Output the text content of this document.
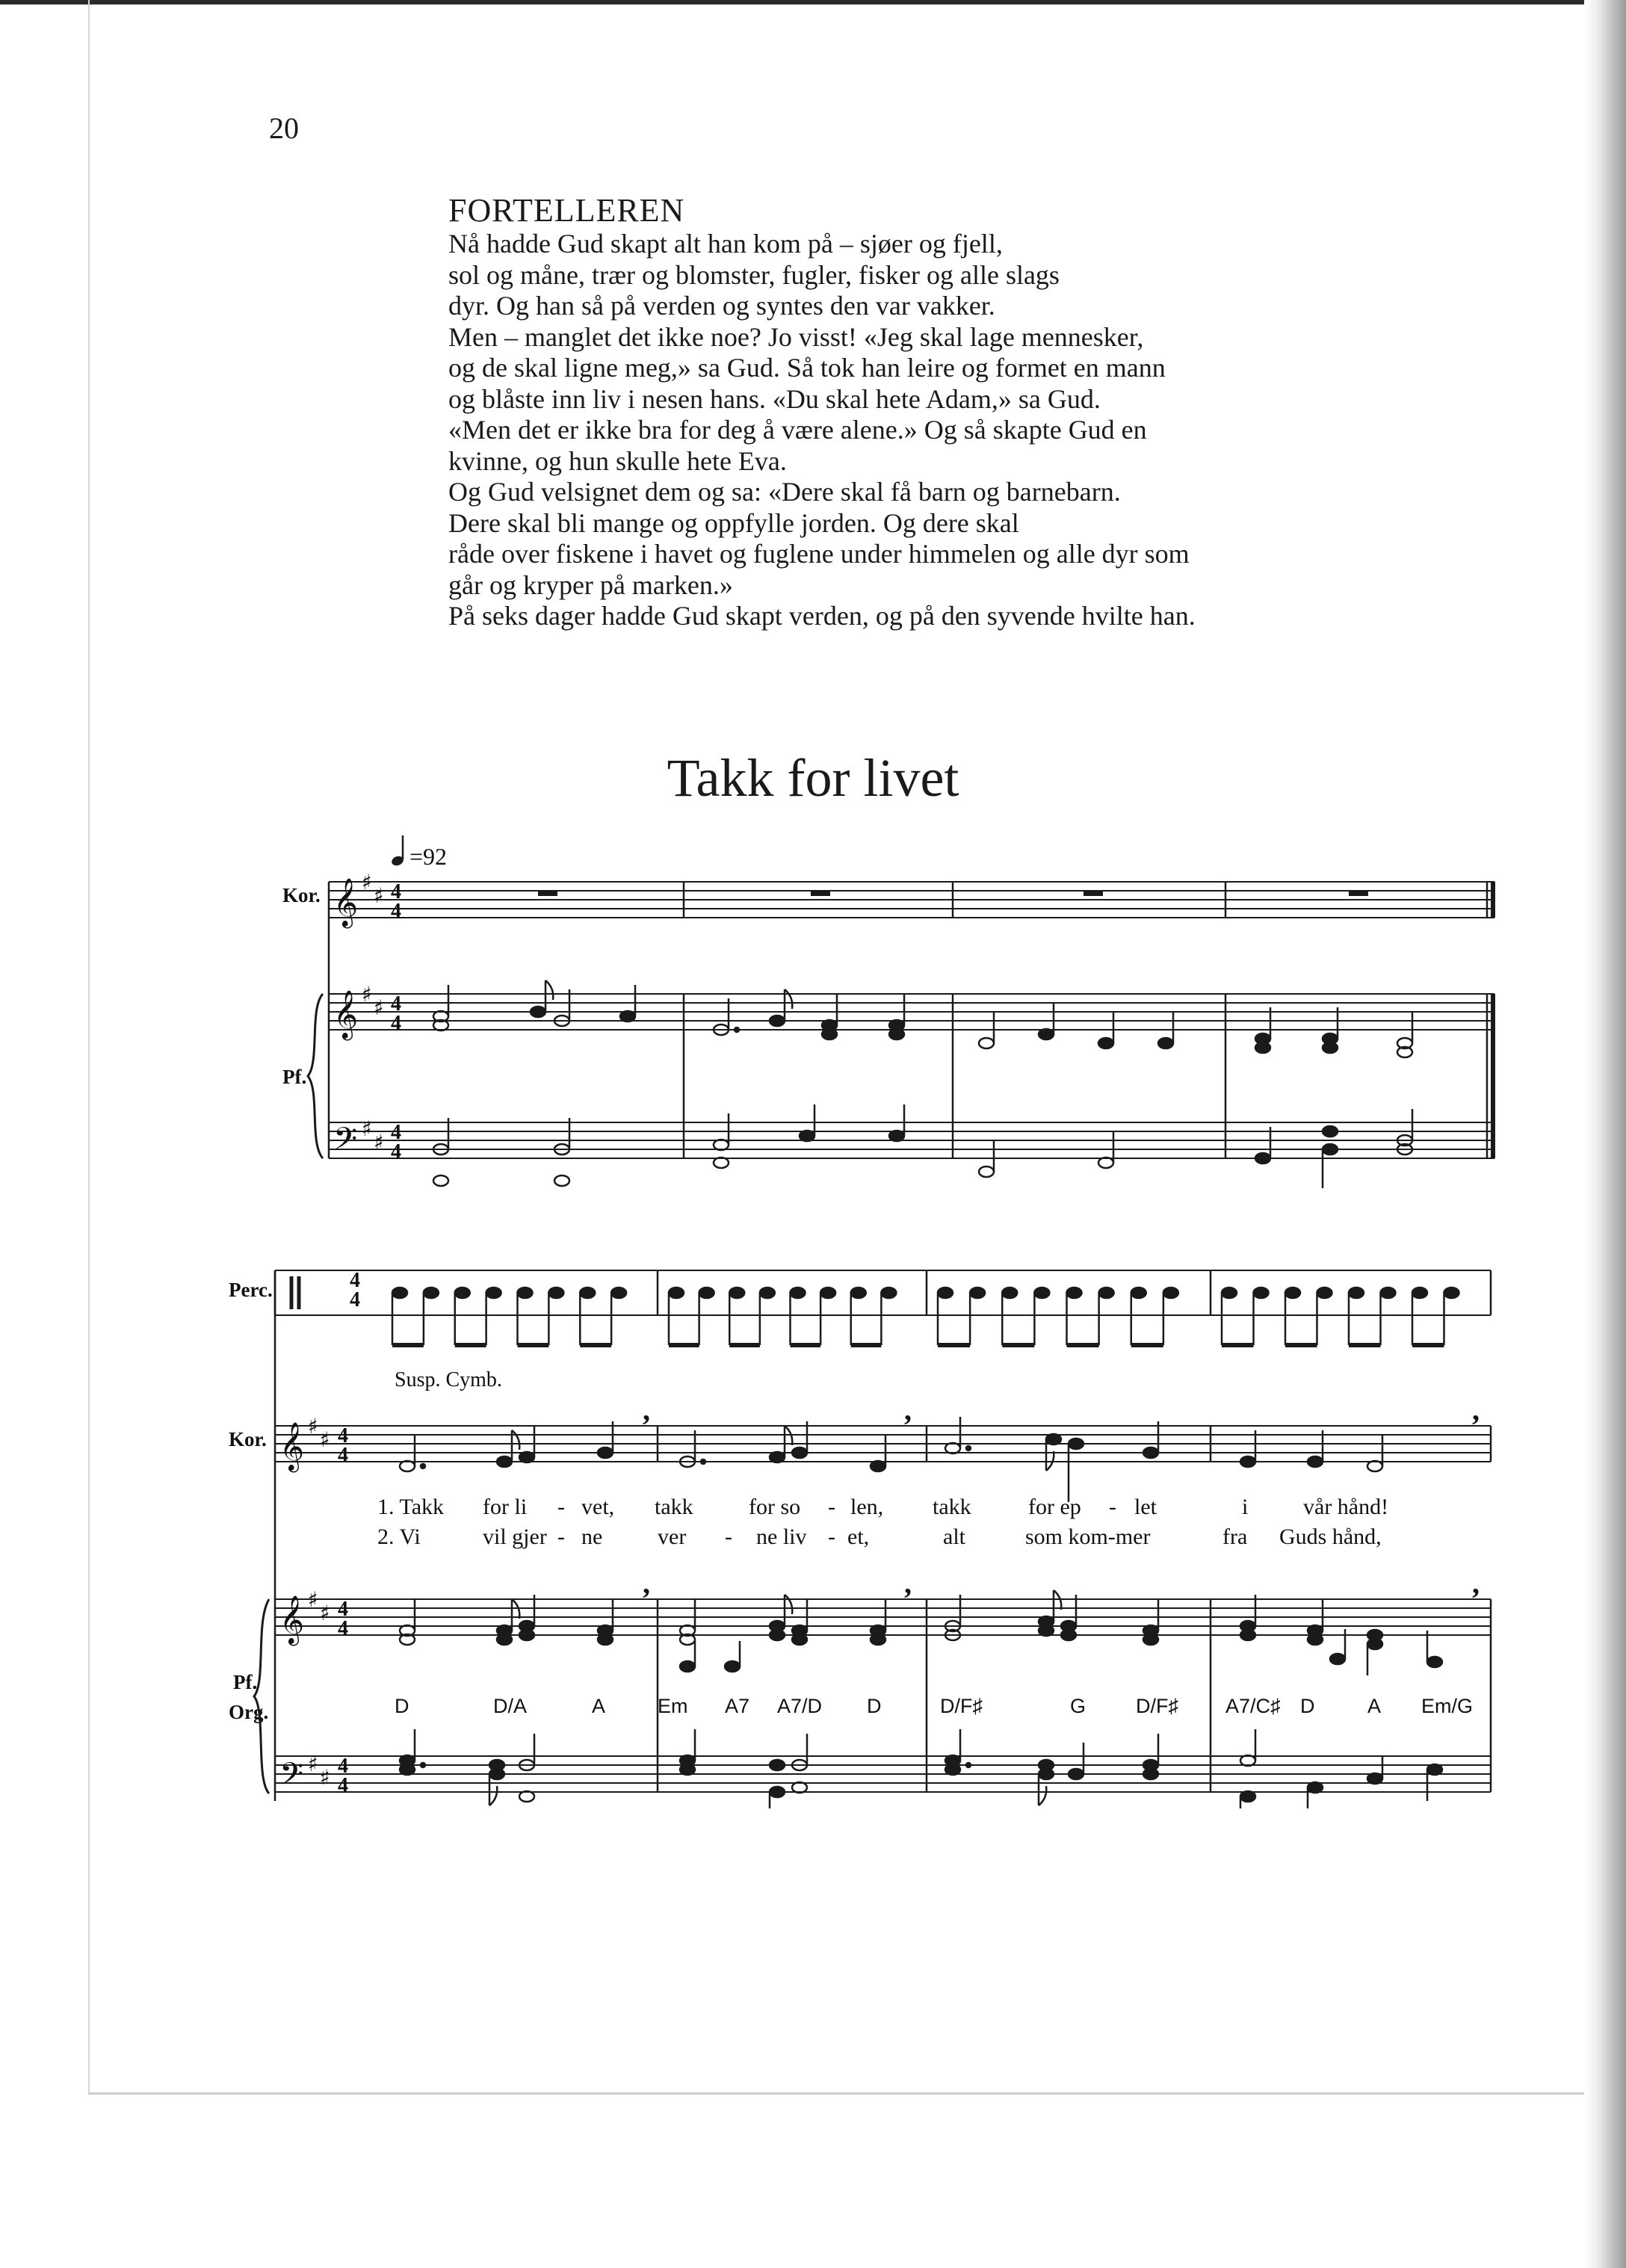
20
FORTELLEREN
Nå hadde Gud skapt alt han kom på – sjøer og fjell,
sol og måne, trær og blomster, fugler, fisker og alle slags
dyr. Og han så på verden og syntes den var vakker.
Men – manglet det ikke noe? Jo visst! «Jeg skal lage mennesker,
og de skal ligne meg,» sa Gud. Så tok han leire og formet en mann
og blåste inn liv i nesen hans. «Du skal hete Adam,» sa Gud.
«Men det er ikke bra for deg å være alene.» Og så skapte Gud en
kvinne, og hun skulle hete Eva.
Og Gud velsignet dem og sa: «Dere skal få barn og barnebarn.
Dere skal bli mange og oppfylle jorden. Og dere skal
råde over fiskene i havet og fuglene under himmelen og alle dyr som
går og kryper på marken.»
På seks dager hadde Gud skapt verden, og på den syvende hvilte han.
Takk for livet
=92
Kor.
Pf.
𝄞
𝄞
𝄢
♯
♯
♯
♯
♯
♯
4
4
4
4
4
4
Perc.
Kor.
Pf.
Org.
4
4
Susp. Cymb.
𝄞
𝄞
𝄢
♯
♯
♯
♯
♯
♯
4
4
4
4
4
4
,	,	,
,	,	,
D	D/A	A	Em A7 A7/D D	D/F♯	G D/F♯ A7/C♯ D	A Em/G
1. Takk for li - vet, takk for so - len, takk	for ep - let	i vår hånd!
2. Vi	vil gjer - ne ver - ne liv - et,	alt	som kom-mer	fra Guds hånd,
